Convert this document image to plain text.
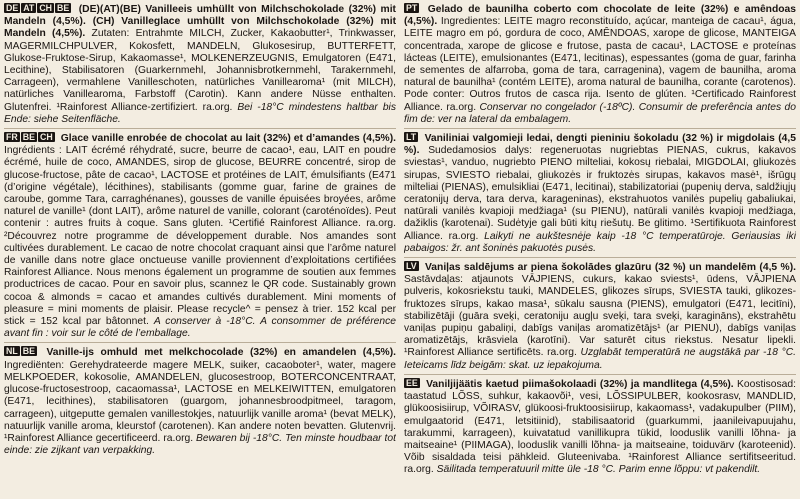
DE AT CH BE (DE)(AT)(BE) Vanilleeis umhüllt von Milchschokolade (32%) mit Mandeln (4,5%). (CH) Vanilleglace umhüllt von Milchschokolade (32%) mit Mandeln (4,5%). Zutaten: Entrahmte MILCH, Zucker, Kakaobutter¹, Trinkwasser, MAGERMILCHPULVER, Kokosfett, MANDELN, Glukosesirup, BUTTERFETT, Glukose-Fruktose-Sirup, Kakaomasse¹, MOLKENERZEUGNIS, Emulgatoren (E471, Lecithine), Stabilisatoren (Guarkernmehl, Johannisbrotkernmehl, Tarakernmehl, Carrageen), vermahlene Vanilleschoten, natürliches Vanillearoma¹ (mit MILCH), natürliches Vanillearoma, Farbstoff (Carotin). Kann andere Nüsse enthalten. Glutenfrei. ¹Rainforest Alliance-zertifiziert. ra.org. Bei -18°C mindestens haltbar bis Ende: siehe Seitenfläche.
FR BE CH Glace vanille enrobée de chocolat au lait (32%) et d’amandes (4,5%). Ingrédients : LAIT écrémé réhydraté, sucre, beurre de cacao¹, eau, LAIT en poudre écrémé, huile de coco, AMANDES, sirop de glucose, BEURRE concentré, sirop de glucose-fructose, pâte de cacao¹, LACTOSE et protéines de LAIT, émulsifiants (E471 (d’origine végétale), lécithines), stabilisants (gomme guar, farine de graines de caroube, gomme Tara, carraghénanes), gousses de vanille épuisées broyées, arôme naturel de vanille¹ (dont LAIT), arôme naturel de vanille, colorant (caroténoïdes). Peut contenir : autres fruits à coque. Sans gluten. ¹Certifié Rainforest Alliance. ra.org. ²Découvrez notre programme de développement durable. Nos amandes sont cultivées durablement. Le cacao de notre chocolat craquant ainsi que l’arôme naturel de vanille dans notre glace onctueuse vanille proviennent d’exploitations certifiées Rainforest Alliance. Nous menons également un programme de soutien aux femmes productrices de cacao. Pour en savoir plus, scannez le QR code. Sustainably grown cocoa & almonds = cacao et amandes cultivés durablement. Mini moments of pleasure = mini moments de plaisir. Please recycle^ = pensez à trier. 152 kcal per stick = 152 kcal par bâtonnet. A conserver à -18°C. A consommer de préférence avant fin : voir sur le côté de l’emballage.
NL BE Vanille-ijs omhuld met melkchocolade (32%) en amandelen (4,5%). Ingrediënten: Gerehydrateerde magere MELK, suiker, cacaoboter¹, water, magere MELKPOEDER, kokosolie, AMANDELEN, glucosestroop, BOTERCONCENTRAAT, glucose-fructosestroop, cacaomassa¹, LACTOSE en MELKEIWITTEN, emulgatoren (E471, lecithines), stabilisatoren (guargom, johannesbroodpitmeel, taragom, carrageen), uitgeputte gemalen vanillestokjes, natuurlijk vanille aroma¹ (bevat MELK), natuurlijk vanille aroma, kleurstof (carotenen). Kan andere noten bevatten. Glutenvrij. ¹Rainforest Alliance gecertificeerd. ra.org. Bewaren bij -18°C. Ten minste houdbaar tot einde: zie zijkant van verpakking.
PT Gelado de baunilha coberto com chocolate de leite (32%) e amêndoas (4,5%). Ingredientes: LEITE magro reconstituído, açúcar, manteiga de cacau¹, água, LEITE magro em pó, gordura de coco, AMÊNDOAS, xarope de glicose, MANTEIGA concentrada, xarope de glicose e frutose, pasta de cacau¹, LACTOSE e proteínas lácteas (LEITE), emulsionantes (E471, lecitinas), espessantes (goma de guar, farinha de sementes de alfarroba, goma de tara, carragenina), vagem de baunilha, aroma natural de baunilha¹ (contém LEITE), aroma natural de baunilha, corante (carotenos). Pode conter: Outros frutos de casca rija. Isento de glúten. ¹Certificado Rainforest Alliance. ra.org. Conservar no congelador (-18ºC). Consumir de preferência antes do fim de: ver na lateral da embalagem.
LT Vaniliniai valgomieji ledai, dengti pieniniu šokoladu (32 %) ir migdolais (4,5 %). Sudedamosios dalys: regeneruotas nugriebtas PIENAS, cukrus, kakavos sviestas¹, vanduo, nugriebto PIENO milteliai, kokosų riebalai, MIGDOLAI, gliukozės sirupas, SVIESTO riebalai, gliukozės ir fruktozės sirupas, kakavos masė¹, išrūgų milteliai (PIENAS), emulsikliai (E471, lecitinai), stabilizatoriai (pupenių derva, saldžiųjų ceratonijų derva, tara derva, karageninas), ekstrahuotos vanilės pupelių gabaliukai, natūrali vanilės kvapioji medžiaga¹ (su PIENU), natūrali vanilės kvapioji medžiaga, dažiklis (karotenai). Sudėtyje gali būti kitų riešutų. Be glitimo. ¹Sertifikuota Rainforest Alliance. ra.org. Laikyti ne aukštesnėje kaip -18 °C temperatūroje. Geriausias iki pabaigos: žr. ant šoninės pakuotės pusės.
LV Vaniļas saldējums ar piena šokolādes glazūru (32 %) un mandelēm (4,5 %). Sastāvdaļas: atjaunots VĀJPIENS, cukurs, kakao sviests¹, ūdens, VĀJPIENA pulveris, kokosriekstu tauki, MANDELES, glikozes sīrups, SVIESTA tauki, glikozes-fruktozes sīrups, kakao masa¹, sūkalu sausna (PIENS), emulgatori (E471, lecitīni), stabilizētāji (guāra sveķi, ceratoniju augļu sveķi, tara sveķi, karagināns), ekstrahētu vaniļas pupiņu gabaliņi, dabīgs vaniļas aromatizētājs¹ (ar PIENU), dabīgs vaniļas aromatizētājs, krāsviela (karotīni). Var saturēt citus riekstus. Nesatur lipekli. ¹Rainforest Alliance sertificēts. ra.org. Uzglabāt temperatūrā ne augstākā par -18 °C. Ieteicams līdz beigām: skat. uz iepakojuma.
EE Vaniljijäätis kaetud piimašokolaadi (32%) ja mandlitega (4,5%). Koostisosad: taastatud LÕSS, suhkur, kakaovõi¹, vesi, LÕSSIPULBER, kookosrasv, MANDLID, glükoosisiirup, VÕIRASV, glükoosi-fruktoosisiirup, kakaomass¹, vadakupulber (PIIM), emulgaatorid (E471, letsitiinid), stabilisaatorid (guarkummi, jaanileivapuujahu, tarakummi, karrageen), kuivatatud vanillikupra tükid, looduslik vanilli lõhna- ja maitseaine¹ (PIIMAGA), looduslik vanilli lõhna- ja maitseaine, toiduvärv (karoteenid). Võib sisaldada teisi pähkleid. Gluteenivaba. ¹Rainforest Alliance sertifitseeritud. ra.org. Säilitada temperatuuril mitte üle -18 °C. Parim enne lõppu: vt pakendilt.
